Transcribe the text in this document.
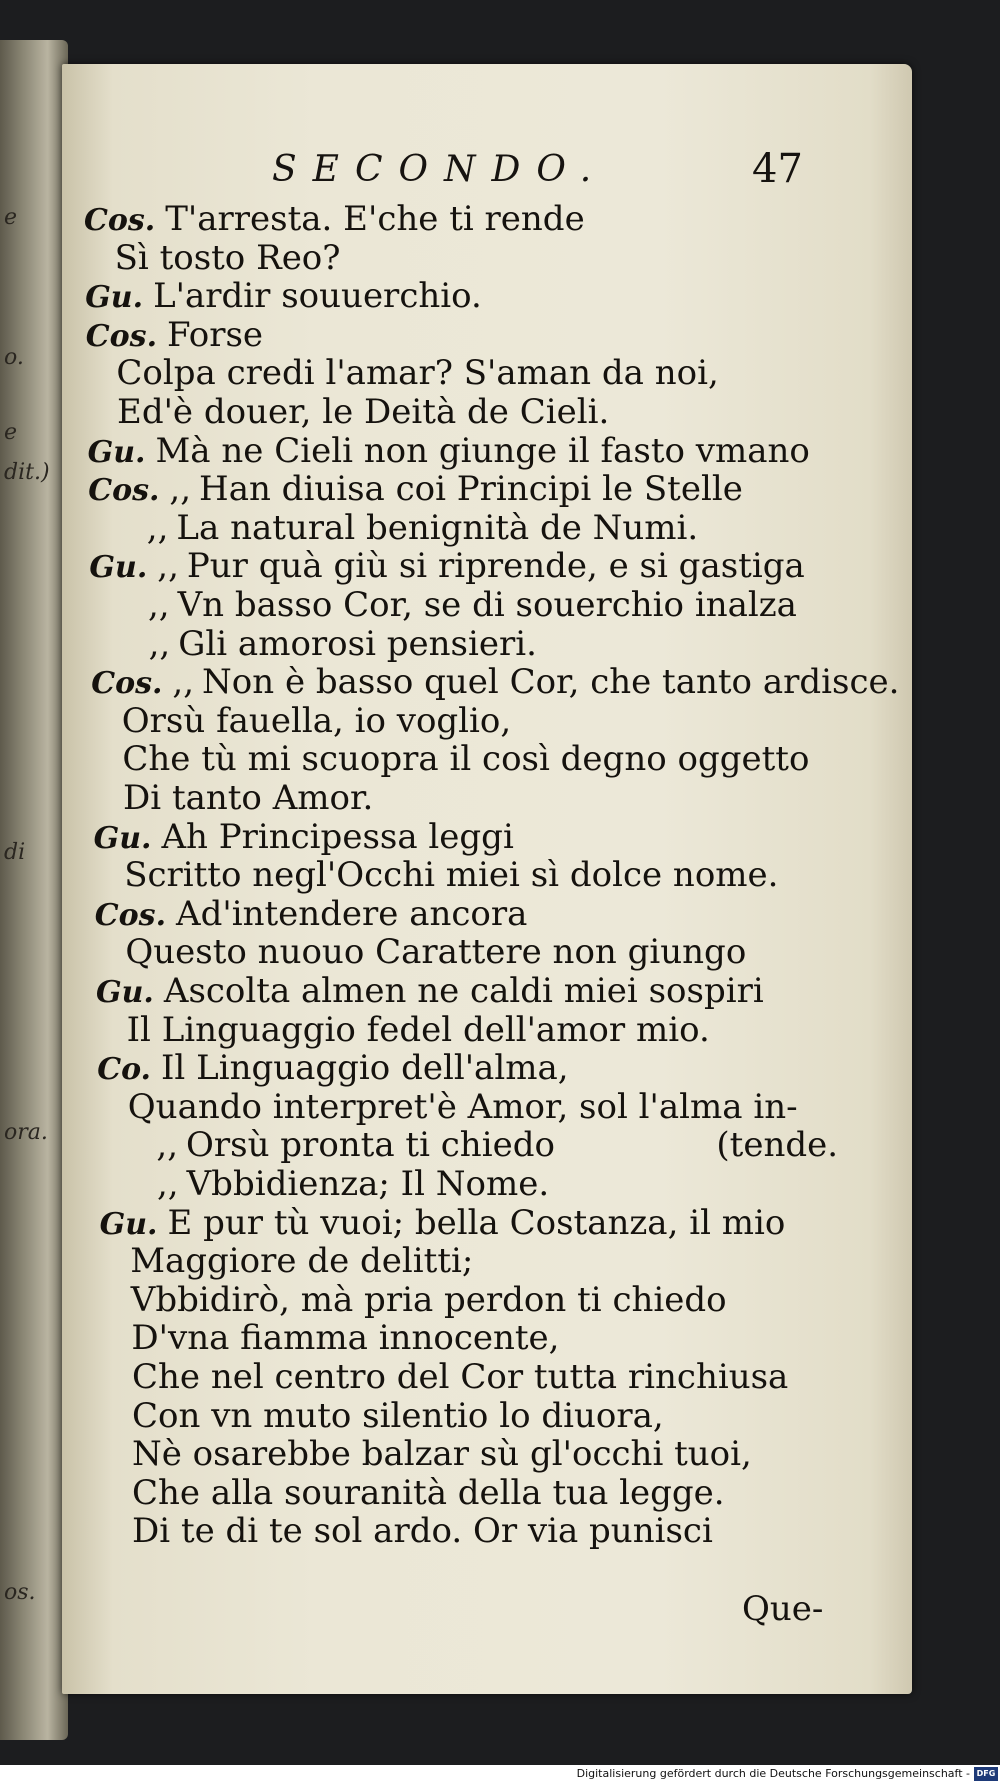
e
o.
e
dit.)
di
ora.
os.
SECONDO.	47
Que-
Cos. T'arresta. E'che ti rende
Sì tosto Reo?
Gu. L'ardir souuerchio.
Cos. Forse
Colpa credi l'amar? S'aman da noi,
Ed'è douer, le Deità de Cieli.
Gu. Mà ne Cieli non giunge il fasto vmano
Cos. ,, Han diuisa coi Principi le Stelle
,, La natural benignità de Numi.
Gu. ,, Pur quà giù si riprende, e si gastiga
,, Vn basso Cor, se di souerchio inalza
,, Gli amorosi pensieri.
Cos. ,, Non è basso quel Cor, che tanto ardisce.
Orsù fauella, io voglio,
Che tù mi scuopra il così degno oggetto
Di tanto Amor.
Gu. Ah Principessa leggi
Scritto negl'Occhi miei sì dolce nome.
Cos. Ad'intendere ancora
Questo nuouo Carattere non giungo
Gu. Ascolta almen ne caldi miei sospiri
Il Linguaggio fedel dell'amor mio.
Co. Il Linguaggio dell'alma,
Quando interpret'è Amor, sol l'alma in-
,, Orsù pronta ti chiedo	(tende.
,, Vbbidienza; Il Nome.
Gu. E pur tù vuoi; bella Costanza, il mio
Maggiore de delitti;
Vbbidirò, mà pria perdon ti chiedo
D'vna fiamma innocente,
Che nel centro del Cor tutta rinchiusa
Con vn muto silentio lo diuora,
Nè osarebbe balzar sù gl'occhi tuoi,
Che alla souranità della tua legge.
Di te di te sol ardo. Or via punisci
Digitalisierung gefördert durch die Deutsche Forschungsgemeinschaft - DFG
